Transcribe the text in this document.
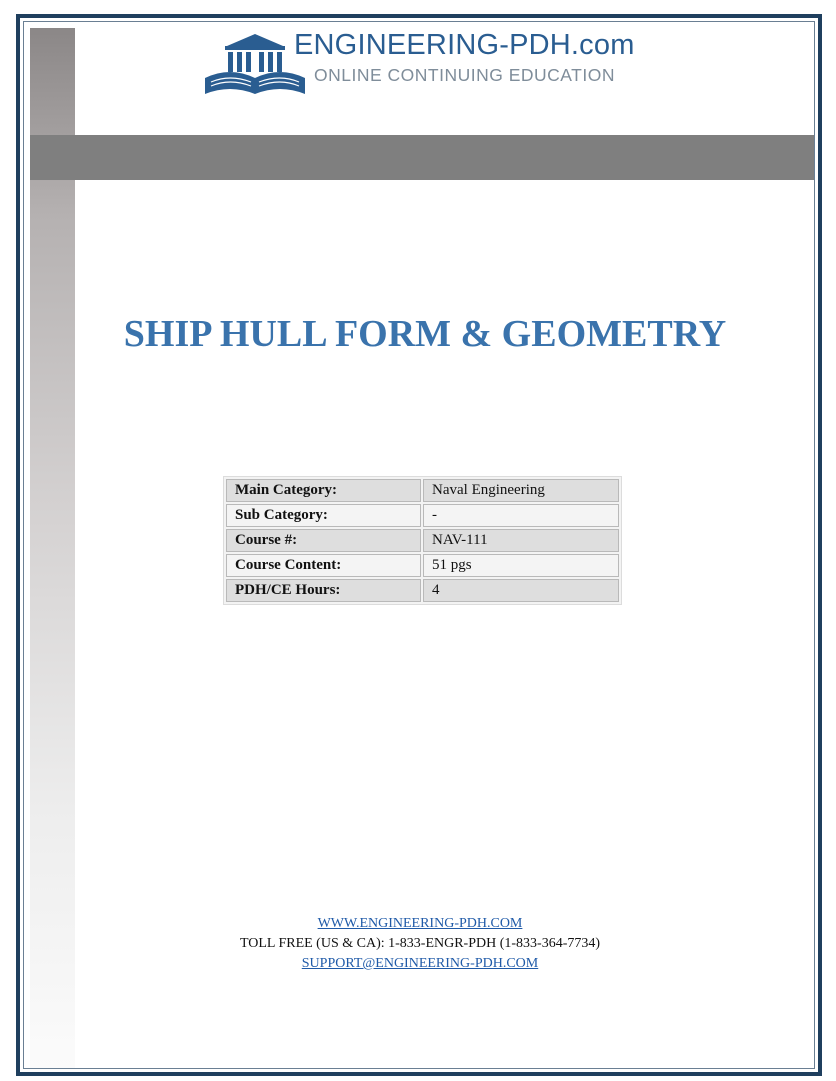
ENGINEERING-PDH.com
ONLINE CONTINUING EDUCATION
SHIP HULL FORM & GEOMETRY
Main Category:	Naval Engineering
Sub Category:	-
Course #:	NAV-111
Course Content:	51 pgs
PDH/CE Hours:	4
WWW.ENGINEERING-PDH.COM
TOLL FREE (US & CA): 1-833-ENGR-PDH (1-833-364-7734)
SUPPORT@ENGINEERING-PDH.COM
